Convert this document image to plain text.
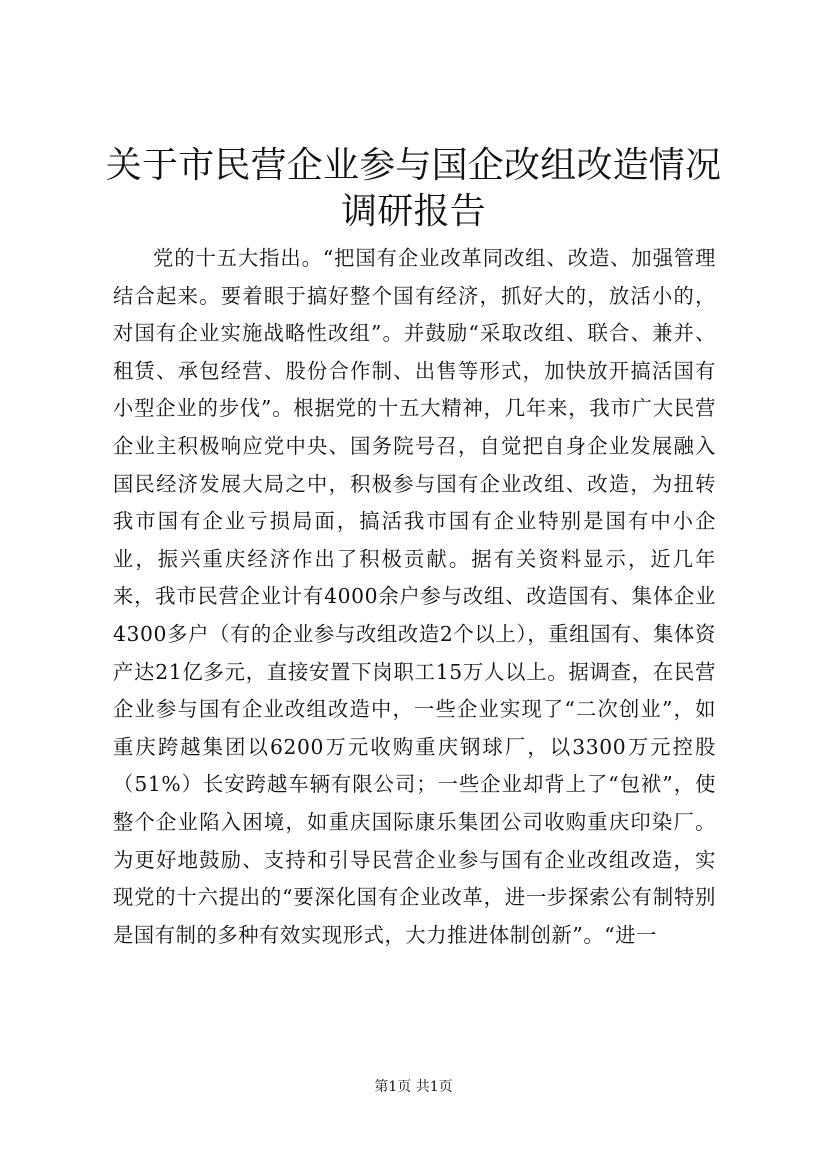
关于市民营企业参与国企改组改造情况调研报告

党的十五大指出。“把国有企业改革同改组、改造、加强管理结合起来。要着眼于搞好整个国有经济，抓好大的，放活小的，对国有企业实施战略性改组”。并鼓励“采取改组、联合、兼并、租赁、承包经营、股份合作制、出售等形式，加快放开搞活国有小型企业的步伐”。根据党的十五大精神，几年来，我市广大民营企业主积极响应党中央、国务院号召，自觉把自身企业发展融入国民经济发展大局之中，积极参与国有企业改组、改造，为扭转我市国有企业亏损局面，搞活我市国有企业特别是国有中小企业，振兴重庆经济作出了积极贡献。据有关资料显示，近几年来，我市民营企业计有4000余户参与改组、改造国有、集体企业4300多户（有的企业参与改组改造2个以上），重组国有、集体资产达21亿多元，直接安置下岗职工15万人以上。据调查，在民营企业参与国有企业改组改造中，一些企业实现了“二次创业”，如重庆跨越集团以6200万元收购重庆钢球厂，以3300万元控股（51%）长安跨越车辆有限公司；一些企业却背上了“包袱”，使整个企业陷入困境，如重庆国际康乐集团公司收购重庆印染厂。为更好地鼓励、支持和引导民营企业参与国有企业改组改造，实现党的十六提出的“要深化国有企业改革，进一步探索公有制特别是国有制的多种有效实现形式，大力推进体制创新”。“进一

第1页 共1页
